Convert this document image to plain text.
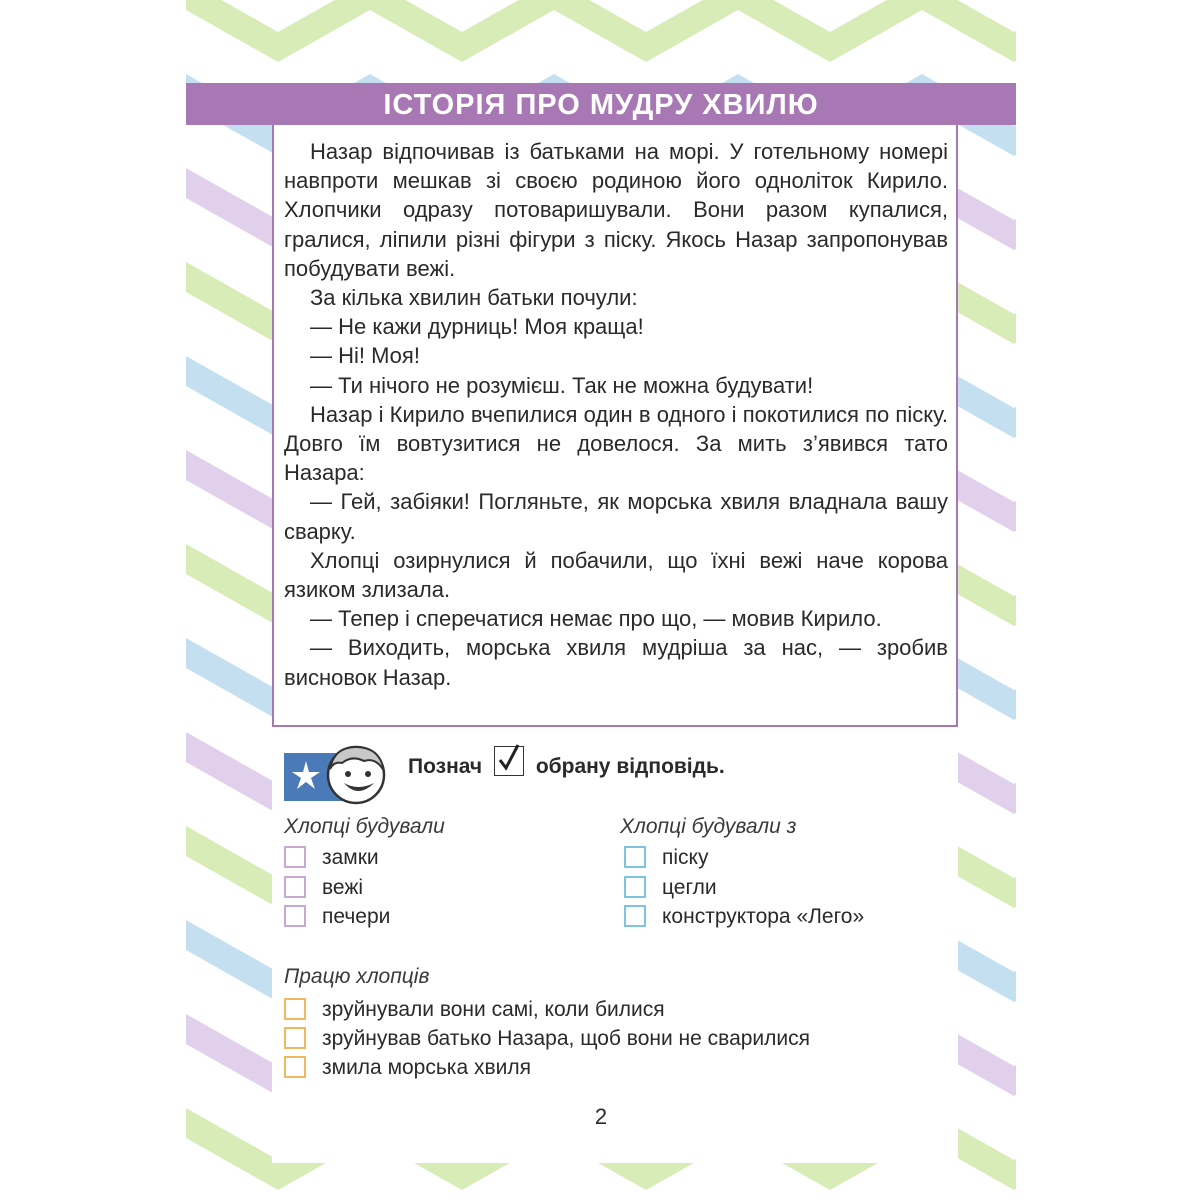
ІСТОРІЯ ПРО МУДРУ ХВИЛЮ

Назар відпочивав із батьками на морі. У готельному номері навпроти мешкав зі своєю родиною його одноліток Кирило. Хлопчики одразу потоваришували. Вони разом купалися, гралися, ліпили різні фігури з піску. Якось Назар запропонував побудувати вежі.

За кілька хвилин батьки почули:

— Не кажи дурниць! Моя краща!

— Ні! Моя!

— Ти нічого не розумієш. Так не можна будувати!

Назар і Кирило вчепилися один в одного і покотилися по піску. Довго їм вовтузитися не довелося. За мить з’явився тато Назара:

— Гей, забіяки! Погляньте, як морська хвиля владнала вашу сварку.

Хлопці озирнулися й побачили, що їхні вежі наче корова язиком злизала.

— Тепер і сперечатися немає про що, — мовив Кирило.

— Виходить, морська хвиля мудріша за нас, — зробив висновок Назар.

Познач	обрану відповідь.
Хлопці будували
замки
вежі
печери
Хлопці будували з
піску
цегли
конструктора «Лего»
Працю хлопців
зруйнували вони самі, коли билися
зруйнував батько Назара, щоб вони не сварилися
змила морська хвиля
2
